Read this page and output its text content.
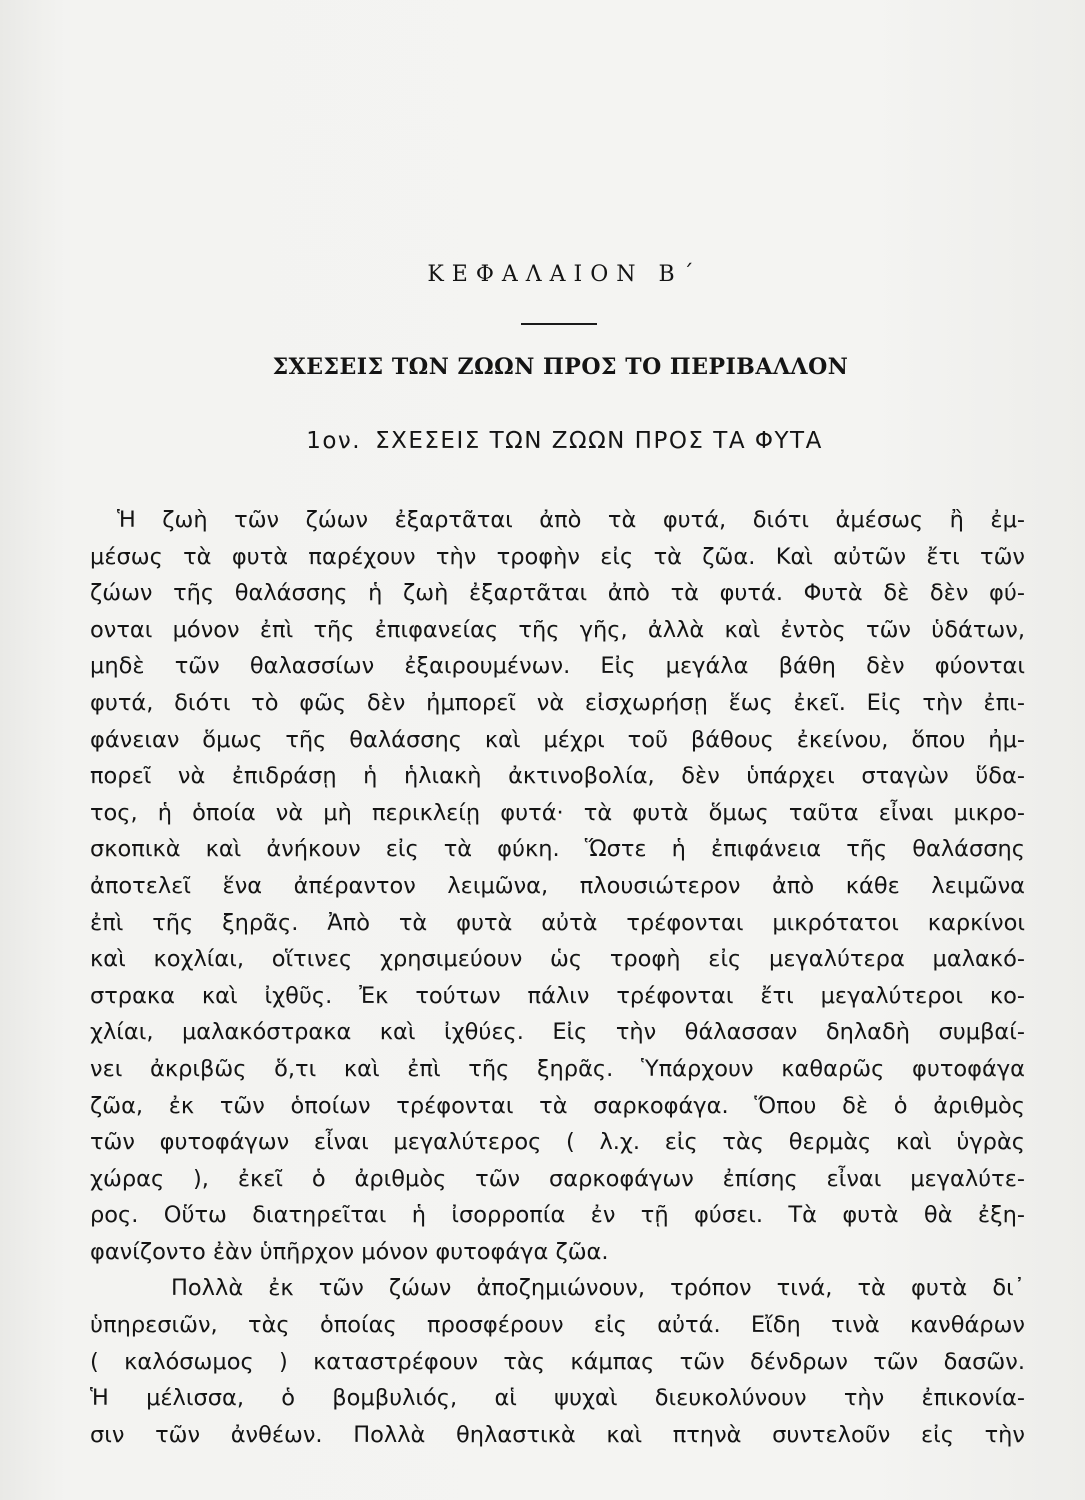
ΚΕΦΑΛΑΙΟΝ Β΄
ΣΧΕΣΕΙΣ ΤΩΝ ΖΩΩΝ ΠΡΟΣ ΤΟ ΠΕΡΙΒΑΛΛΟΝ
1ον. ΣΧΕΣΕΙΣ ΤΩΝ ΖΩΩΝ ΠΡΟΣ ΤΑ ΦΥΤΑ
Ἡ ζωὴ τῶν ζώων ἐξαρτᾶται ἀπὸ τὰ φυτά, διότι ἀμέσως ἢ ἐμ-
μέσως τὰ φυτὰ παρέχουν τὴν τροφὴν εἰς τὰ ζῶα. Καὶ αὐτῶν ἔτι τῶν
ζώων τῆς θαλάσσης ἡ ζωὴ ἐξαρτᾶται ἀπὸ τὰ φυτά. Φυτὰ δὲ δὲν φύ-
ονται μόνον ἐπὶ τῆς ἐπιφανείας τῆς γῆς, ἀλλὰ καὶ ἐντὸς τῶν ὑδάτων,
μηδὲ τῶν θαλασσίων ἐξαιρουμένων. Εἰς μεγάλα βάθη δὲν φύονται
φυτά, διότι τὸ φῶς δὲν ἠμπορεῖ νὰ εἰσχωρήσῃ ἕως ἐκεῖ. Εἰς τὴν ἐπι-
φάνειαν ὅμως τῆς θαλάσσης καὶ μέχρι τοῦ βάθους ἐκείνου, ὅπου ἠμ-
πορεῖ νὰ ἐπιδράσῃ ἡ ἡλιακὴ ἀκτινοβολία, δὲν ὑπάρχει σταγὼν ὕδα-
τος, ἡ ὁποία νὰ μὴ περικλείῃ φυτά· τὰ φυτὰ ὅμως ταῦτα εἶναι μικρο-
σκοπικὰ καὶ ἀνήκουν εἰς τὰ φύκη. Ὥστε ἡ ἐπιφάνεια τῆς θαλάσσης
ἀποτελεῖ ἕνα ἀπέραντον λειμῶνα, πλουσιώτερον ἀπὸ κάθε λειμῶνα
ἐπὶ τῆς ξηρᾶς. Ἀπὸ τὰ φυτὰ αὐτὰ τρέφονται μικρότατοι καρκίνοι
καὶ κοχλίαι, οἵτινες χρησιμεύουν ὡς τροφὴ εἰς μεγαλύτερα μαλακό-
στρακα καὶ ἰχθῦς. Ἐκ τούτων πάλιν τρέφονται ἔτι μεγαλύτεροι κο-
χλίαι, μαλακόστρακα καὶ ἰχθύες. Εἰς τὴν θάλασσαν δηλαδὴ συμβαί-
νει ἀκριβῶς ὅ,τι καὶ ἐπὶ τῆς ξηρᾶς. Ὑπάρχουν καθαρῶς φυτοφάγα
ζῶα, ἐκ τῶν ὁποίων τρέφονται τὰ σαρκοφάγα. Ὅπου δὲ ὁ ἀριθμὸς
τῶν φυτοφάγων εἶναι μεγαλύτερος ( λ.χ. εἰς τὰς θερμὰς καὶ ὑγρὰς
χώρας ), ἐκεῖ ὁ ἀριθμὸς τῶν σαρκοφάγων ἐπίσης εἶναι μεγαλύτε-
ρος. Οὕτω διατηρεῖται ἡ ἰσορροπία ἐν τῇ φύσει. Τὰ φυτὰ θὰ ἐξη-
φανίζοντο ἐὰν ὑπῆρχον μόνον φυτοφάγα ζῶα.
Πολλὰ ἐκ τῶν ζώων ἀποζημιώνουν, τρόπον τινά, τὰ φυτὰ δι᾽
ὑπηρεσιῶν, τὰς ὁποίας προσφέρουν εἰς αὐτά. Εἴδη τινὰ κανθάρων
( καλόσωμος ) καταστρέφουν τὰς κάμπας τῶν δένδρων τῶν δασῶν.
Ἡ μέλισσα, ὁ βομβυλιός, αἱ ψυχαὶ διευκολύνουν τὴν ἐπικονία-
σιν τῶν ἀνθέων. Πολλὰ θηλαστικὰ καὶ πτηνὰ συντελοῦν εἰς τὴν
